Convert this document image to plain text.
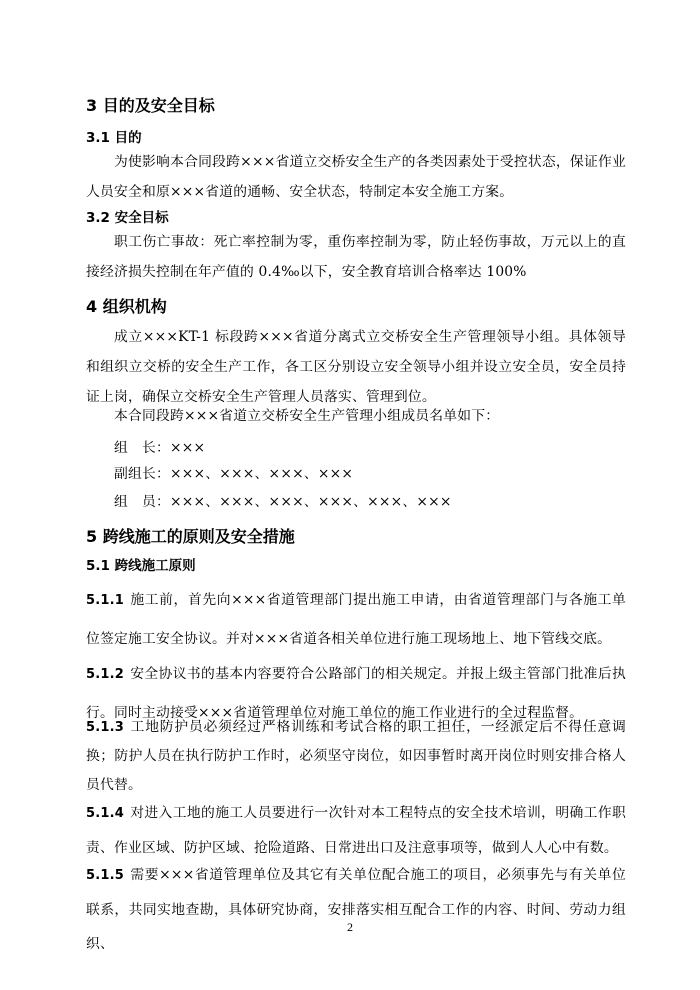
3 目的及安全目标
3.1 目的

为使影响本合同段跨×××省道立交桥安全生产的各类因素处于受控状态，保证作业人员安全和原×××省道的通畅、安全状态，特制定本安全施工方案。

3.2 安全目标

职工伤亡事故：死亡率控制为零，重伤率控制为零，防止轻伤事故，万元以上的直接经济损失控制在年产值的 0.4‰以下，安全教育培训合格率达 100%

4 组织机构

成立×××KT-1 标段跨×××省道分离式立交桥安全生产管理领导小组。具体领导和组织立交桥的安全生产工作，各工区分别设立安全领导小组并设立安全员，安全员持证上岗，确保立交桥安全生产管理人员落实、管理到位。

本合同段跨×××省道立交桥安全生产管理小组成员名单如下：

组　长：×××
副组长：×××、×××、×××、×××
组　员：×××、×××、×××、×××、×××、×××
5 跨线施工的原则及安全措施
5.1 跨线施工原则

5.1.1 施工前，首先向×××省道管理部门提出施工申请，由省道管理部门与各施工单位签定施工安全协议。并对×××省道各相关单位进行施工现场地上、地下管线交底。

5.1.2 安全协议书的基本内容要符合公路部门的相关规定。并报上级主管部门批准后执行。同时主动接受×××省道管理单位对施工单位的施工作业进行的全过程监督。

5.1.3 工地防护员必须经过严格训练和考试合格的职工担任，一经派定后不得任意调换；防护人员在执行防护工作时，必须坚守岗位，如因事暂时离开岗位时则安排合格人员代替。

5.1.4 对进入工地的施工人员要进行一次针对本工程特点的安全技术培训，明确工作职责、作业区域、防护区域、抢险道路、日常进出口及注意事项等，做到人人心中有数。

5.1.5 需要×××省道管理单位及其它有关单位配合施工的项目，必须事先与有关单位联系，共同实地查勘，具体研究协商，安排落实相互配合工作的内容、时间、劳动力组织、

2
